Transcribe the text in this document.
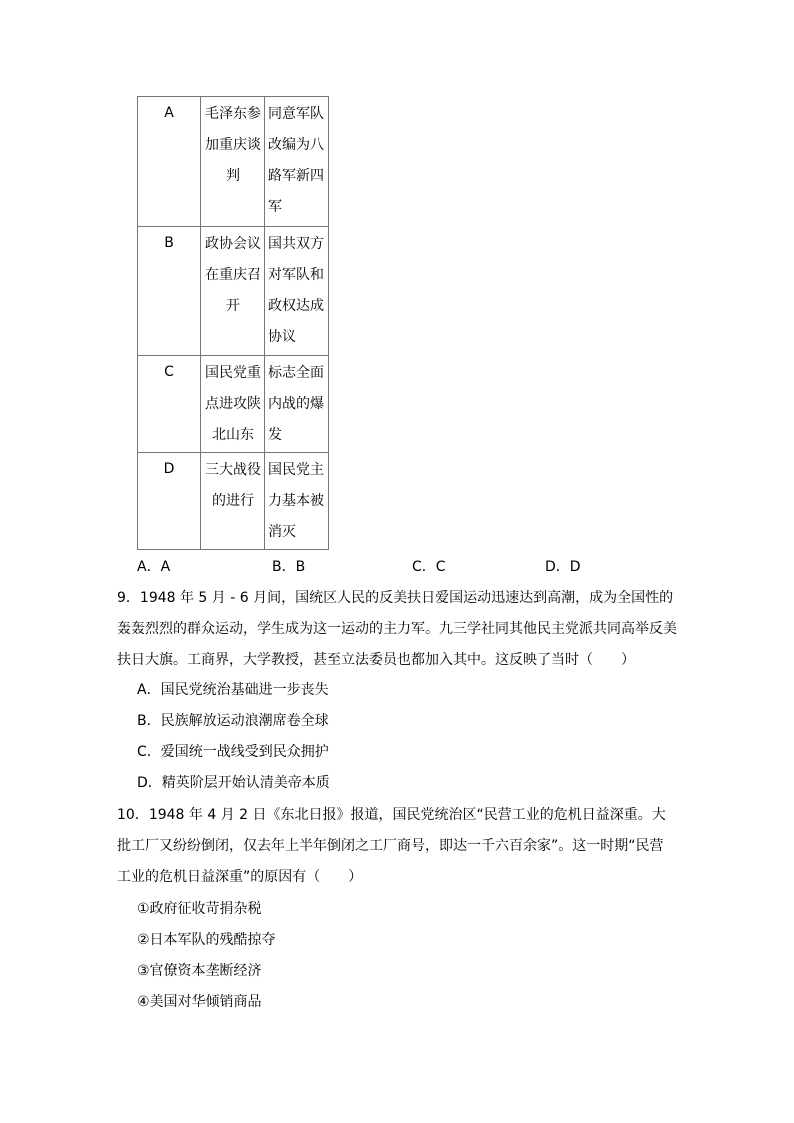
A	毛泽东参加重庆谈判	同意军队改编为八路军新四军

B	政协会议在重庆召开	国共双方对军队和政权达成协议

C	国民党重点进攻陕北山东	标志全面内战的爆发

D	三大战役的进行	国民党主力基本被消灭
A．A	B．B	C．C	D．D
9．1948 年 5 月 - 6 月间，国统区人民的反美扶日爱国运动迅速达到高潮，成为全国性的轰轰烈烈的群众运动，学生成为这一运动的主力军。九三学社同其他民主党派共同高举反美扶日大旗。工商界，大学教授，甚至立法委员也都加入其中。这反映了当时（　　）
A．国民党统治基础进一步丧失
B．民族解放运动浪潮席卷全球
C．爱国统一战线受到民众拥护
D．精英阶层开始认清美帝本质
10．1948 年 4 月 2 日《东北日报》报道，国民党统治区“民营工业的危机日益深重。大批工厂又纷纷倒闭，仅去年上半年倒闭之工厂商号，即达一千六百余家”。这一时期“民营工业的危机日益深重”的原因有（　　）
①政府征收苛捐杂税
②日本军队的残酷掠夺
③官僚资本垄断经济
④美国对华倾销商品
